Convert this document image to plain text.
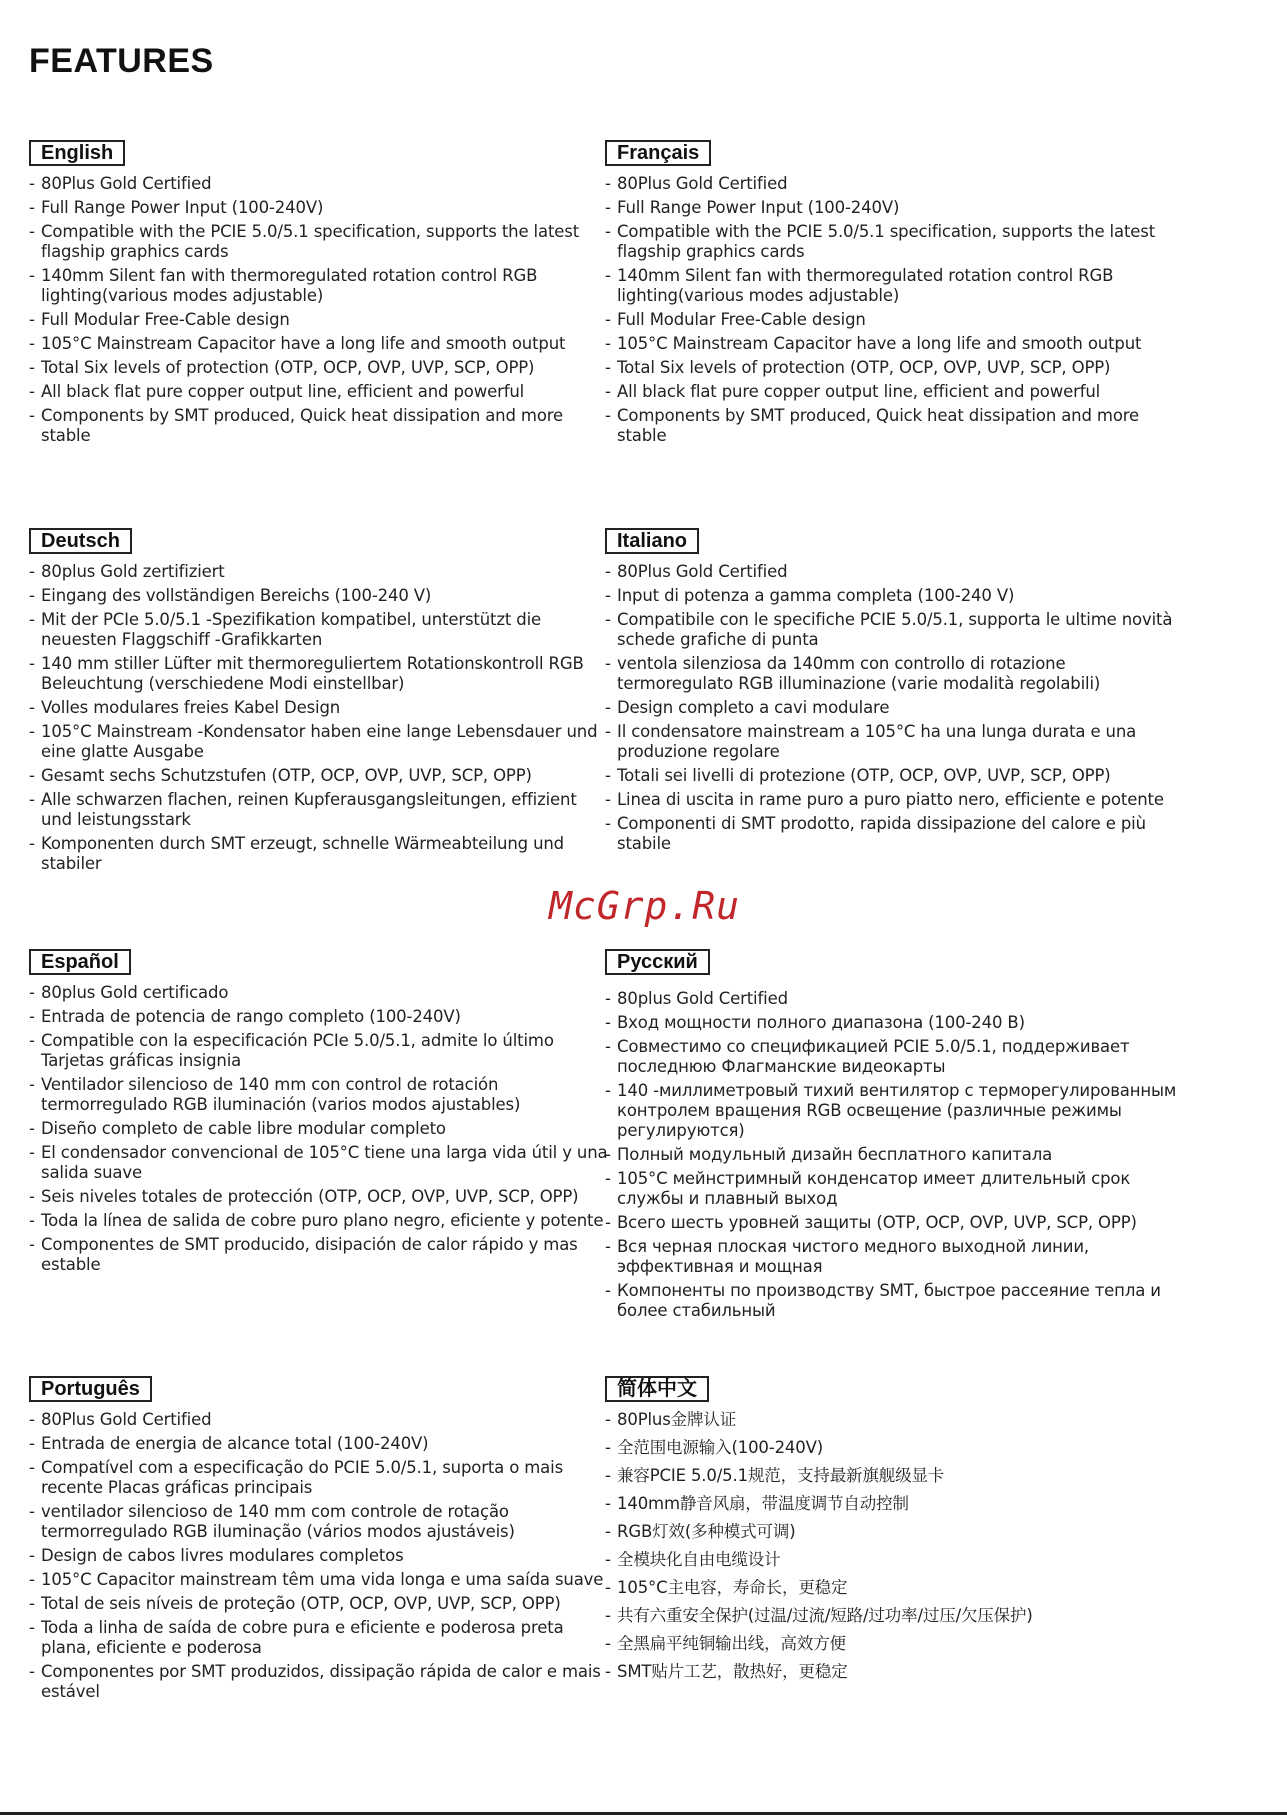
FEATURES
English
- 80Plus Gold Certified
- Full Range Power Input (100-240V)
- Compatible with the PCIE 5.0/5.1 specification, supports the latest flagship graphics cards
- 140mm Silent fan with thermoregulated rotation control RGB lighting(various modes adjustable)
- Full Modular Free-Cable design
- 105°C Mainstream Capacitor have a long life and smooth output
- Total Six levels of protection (OTP, OCP, OVP, UVP, SCP, OPP)
- All black flat pure copper output line, efficient and powerful
- Components by SMT produced, Quick heat dissipation and more stable
Français
- 80Plus Gold Certified
- Full Range Power Input (100-240V)
- Compatible with the PCIE 5.0/5.1 specification, supports the latest flagship graphics cards
- 140mm Silent fan with thermoregulated rotation control RGB lighting(various modes adjustable)
- Full Modular Free-Cable design
- 105°C Mainstream Capacitor have a long life and smooth output
- Total Six levels of protection (OTP, OCP, OVP, UVP, SCP, OPP)
- All black flat pure copper output line, efficient and powerful
- Components by SMT produced, Quick heat dissipation and more stable
Deutsch
- 80plus Gold zertifiziert
- Eingang des vollständigen Bereichs (100-240 V)
- Mit der PCIe 5.0/5.1 -Spezifikation kompatibel, unterstützt die neuesten Flaggschiff -Grafikkarten
- 140 mm stiller Lüfter mit thermoreguliertem Rotationskontroll RGB Beleuchtung (verschiedene Modi einstellbar)
- Volles modulares freies Kabel Design
- 105°C Mainstream -Kondensator haben eine lange Lebensdauer und eine glatte Ausgabe
- Gesamt sechs Schutzstufen (OTP, OCP, OVP, UVP, SCP, OPP)
- Alle schwarzen flachen, reinen Kupferausgangsleitungen, effizient und leistungsstark
- Komponenten durch SMT erzeugt, schnelle Wärmeabteilung und stabiler
Italiano
- 80Plus Gold Certified
- Input di potenza a gamma completa (100-240 V)
- Compatibile con le specifiche PCIE 5.0/5.1, supporta le ultime novità schede grafiche di punta
- ventola silenziosa da 140mm con controllo di rotazione termoregulato RGB illuminazione (varie modalità regolabili)
- Design completo a cavi modulare
- Il condensatore mainstream a 105°C ha una lunga durata e una produzione regolare
- Totali sei livelli di protezione (OTP, OCP, OVP, UVP, SCP, OPP)
- Linea di uscita in rame puro a puro piatto nero, efficiente e potente
- Componenti di SMT prodotto, rapida dissipazione del calore e più stabile
McGrp.Ru
Español
- 80plus Gold certificado
- Entrada de potencia de rango completo (100-240V)
- Compatible con la especificación PCIe 5.0/5.1, admite lo último Tarjetas gráficas insignia
- Ventilador silencioso de 140 mm con control de rotación termorregulado RGB iluminación (varios modos ajustables)
- Diseño completo de cable libre modular completo
- El condensador convencional de 105°C tiene una larga vida útil y una salida suave
- Seis niveles totales de protección (OTP, OCP, OVP, UVP, SCP, OPP)
- Toda la línea de salida de cobre puro plano negro, eficiente y potente
- Componentes de SMT producido, disipación de calor rápido y mas estable
Русский
- 80plus Gold Certified
- Вход мощности полного диапазона (100-240 В)
- Совместимо со спецификацией PCIE 5.0/5.1, поддерживает последнюю Флагманские видеокарты
- 140 -миллиметровый тихий вентилятор с терморегулированным контролем вращения RGB освещение (различные режимы регулируются)
- Полный модульный дизайн бесплатного капитала
- 105°C мейнстримный конденсатор имеет длительный срок службы и плавный выход
- Всего шесть уровней защиты (OTP, OCP, OVP, UVP, SCP, OPP)
- Вся черная плоская чистого медного выходной линии, эффективная и мощная
- Компоненты по производству SMT, быстрое рассеяние тепла и более стабильный
Português
- 80Plus Gold Certified
- Entrada de energia de alcance total (100-240V)
- Compatível com a especificação do PCIE 5.0/5.1, suporta o mais recente Placas gráficas principais
- ventilador silencioso de 140 mm com controle de rotação termorregulado RGB iluminação (vários modos ajustáveis)
- Design de cabos livres modulares completos
- 105°C Capacitor mainstream têm uma vida longa e uma saída suave
- Total de seis níveis de proteção (OTP, OCP, OVP, UVP, SCP, OPP)
- Toda a linha de saída de cobre pura e eficiente e poderosa preta plana, eficiente e poderosa
- Componentes por SMT produzidos, dissipação rápida de calor e mais estável
简体中文
- 80Plus金牌认证
- 全范围电源输入(100-240V)
- 兼容PCIE 5.0/5.1规范，支持最新旗舰级显卡
- 140mm静音风扇，带温度调节自动控制
- RGB灯效(多种模式可调)
- 全模块化自由电缆设计
- 105°C主电容，寿命长，更稳定
- 共有六重安全保护(过温/过流/短路/过功率/过压/欠压保护)
- 全黑扁平纯铜输出线，高效方便
- SMT贴片工艺，散热好，更稳定
